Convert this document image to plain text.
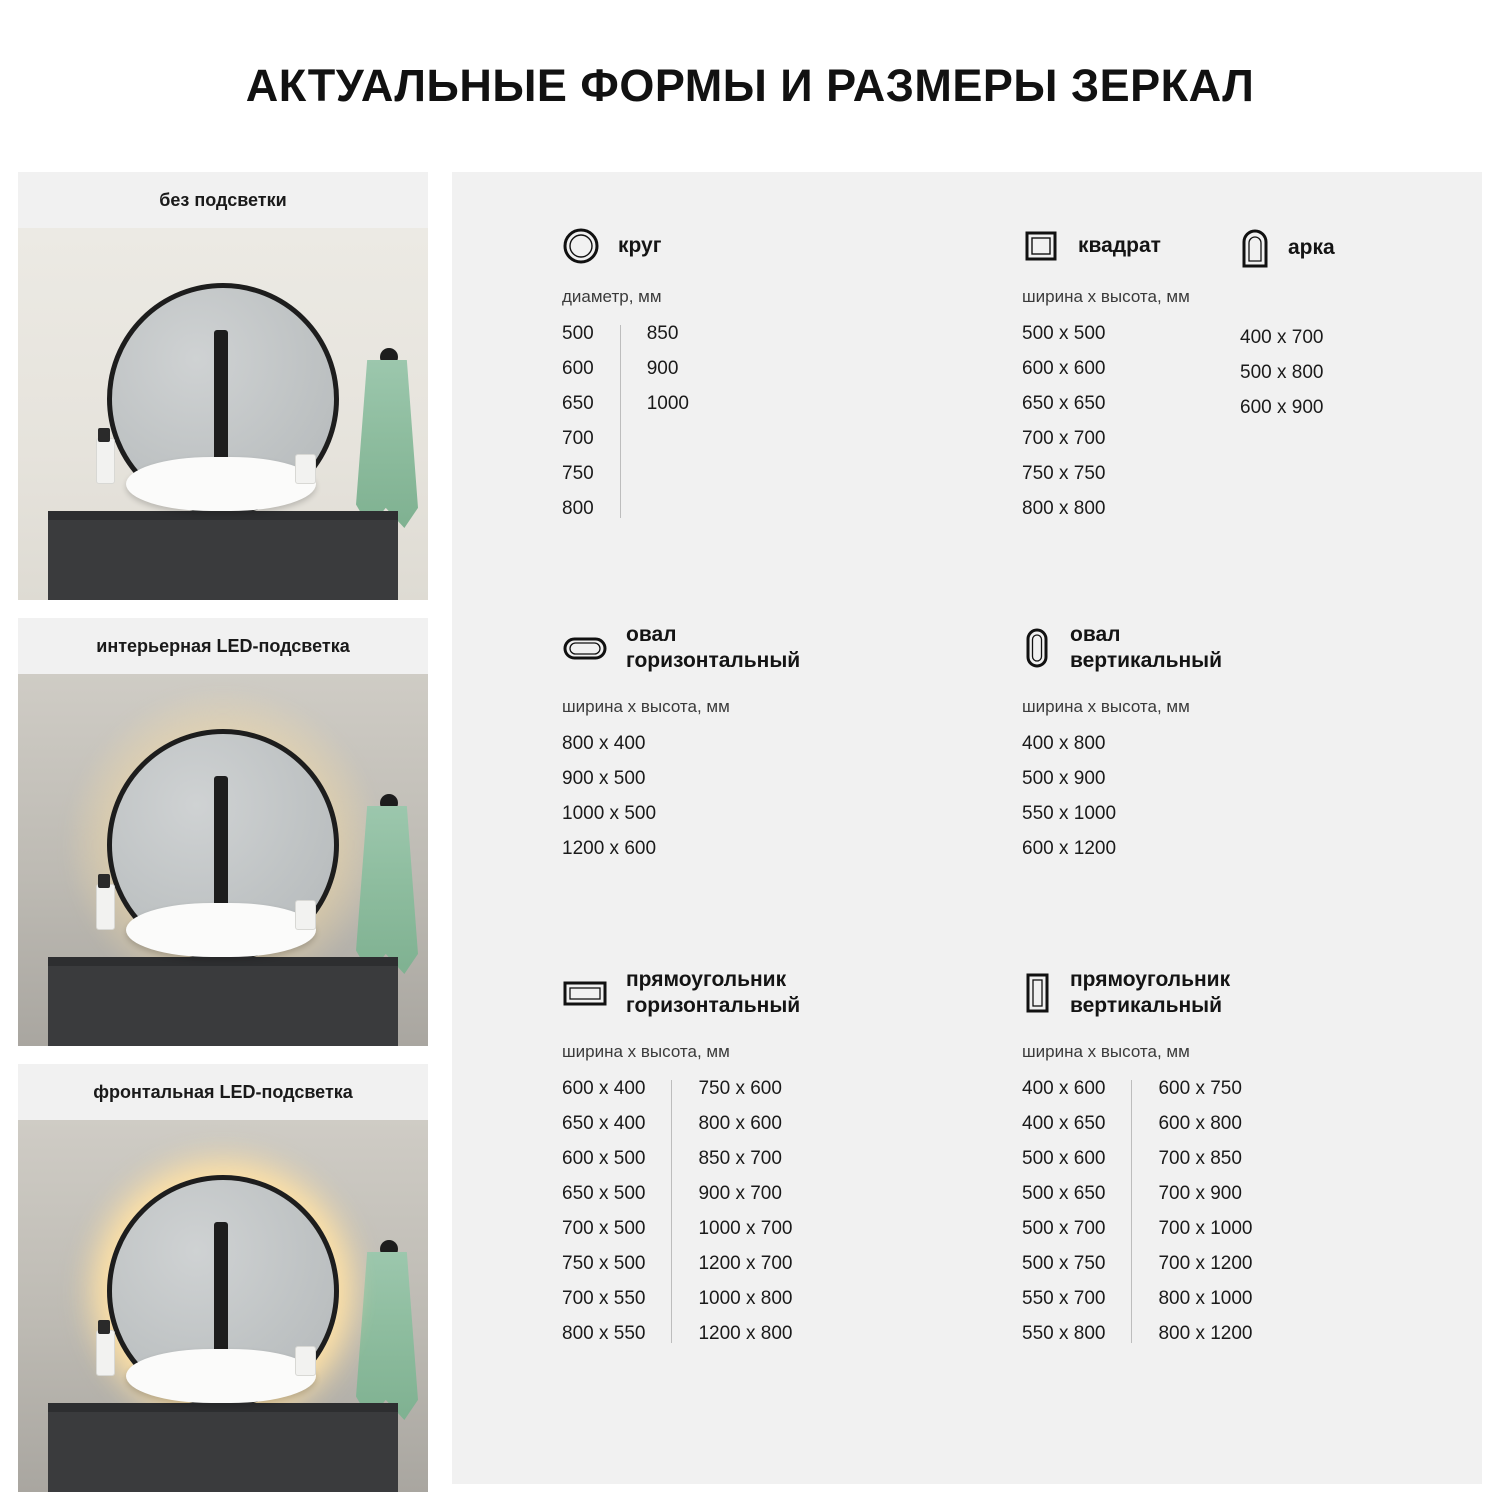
АКТУАЛЬНЫЕ ФОРМЫ И РАЗМЕРЫ ЗЕРКАЛ
без подсветки
интерьерная LED-подсветка
фронтальная LED-подсветка
круг
диаметр, мм
500
600
650
700
750
800
850
900
1000
квадрат
ширина x высота, мм
500 x 500
600 x 600
650 x 650
700 x 700
750 x 750
800 x 800
арка

400 x 700
500 x 800
600 x 900
овал
горизонтальный
ширина x высота, мм
800 x 400
900 x 500
1000 x 500
1200 x 600
овал
вертикальный
ширина x высота, мм
400 x 800
500 x 900
550 x 1000
600 x 1200
прямоугольник
горизонтальный
ширина x высота, мм
600 x 400
650 x 400
600 x 500
650 x 500
700 x 500
750 x 500
700 x 550
800 x 550
750 x 600
800 x 600
850 x 700
900 x 700
1000 x 700
1200 x 700
1000 x 800
1200 x 800
прямоугольник
вертикальный
ширина x высота, мм
400 x 600
400 x 650
500 x 600
500 x 650
500 x 700
500 x 750
550 x 700
550 x 800
600 x 750
600 x 800
700 x 850
700 x 900
700 x 1000
700 x 1200
800 x 1000
800 x 1200
